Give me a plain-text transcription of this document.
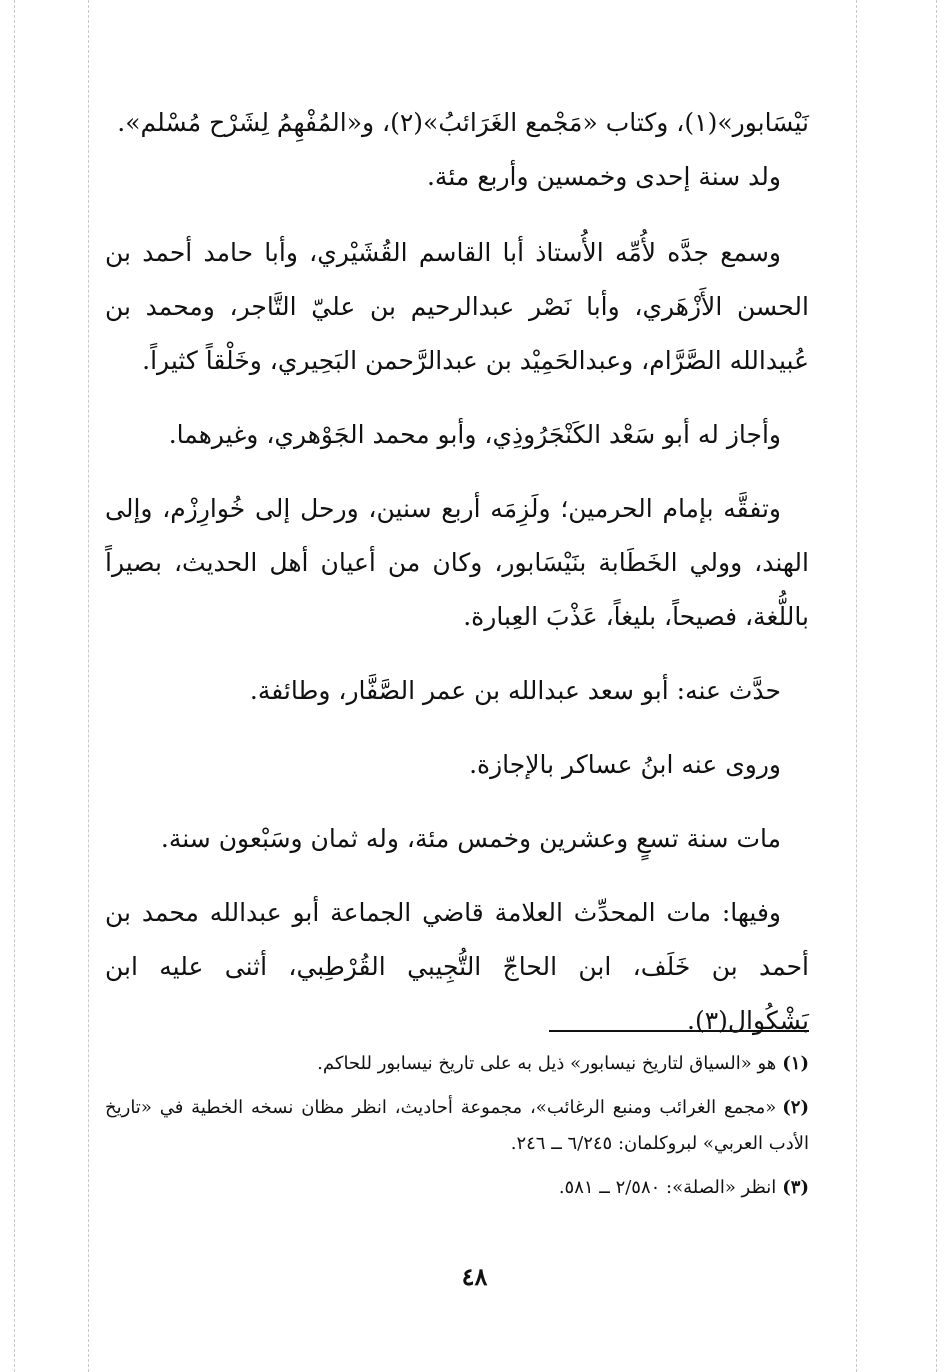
نَيْسَابور»(١)، وكتاب «مَجْمع الغَرَائبُ»(٢)، و«المُفْهِمُ لِشَرْح مُسْلم».

ولد سنة إحدى وخمسين وأربع مئة.

وسمع جدَّه لأُمِّه الأُستاذ أبا القاسم القُشَيْري، وأبا حامد أحمد بن الحسن الأَزْهَري، وأبا نَصْر عبدالرحيم بن عليّ التَّاجر، ومحمد بن عُبيدالله الصَّرَّام، وعبدالحَمِيْد بن عبدالرَّحمن البَحِيري، وخَلْقاً كثيراً.

وأجاز له أبو سَعْد الكَنْجَرُوذِي، وأبو محمد الجَوْهري، وغيرهما.

وتفقَّه بإمام الحرمين؛ ولَزِمَه أربع سنين، ورحل إلى خُوارِزْم، وإلى الهند، وولي الخَطَابة بنَيْسَابور، وكان من أعيان أهل الحديث، بصيراً باللُّغة، فصيحاً، بليغاً، عَذْبَ العِبارة.

حدَّث عنه: أبو سعد عبدالله بن عمر الصَّفَّار، وطائفة.

وروى عنه ابنُ عساكر بالإجازة.

مات سنة تسعٍ وعشرين وخمس مئة، وله ثمان وسَبْعون سنة.

وفيها: مات المحدِّث العلامة قاضي الجماعة أبو عبدالله محمد بن أحمد بن خَلَف، ابن الحاجّ التُّجِيبي القُرْطِبي، أثنى عليه ابن بَشْكُوال(٣).

(١)هو «السياق لتاريخ نيسابور» ذيل به على تاريخ نيسابور للحاكم.

(٢)«مجمع الغرائب ومنبع الرغائب»، مجموعة أحاديث، انظر مظان نسخه الخطية في «تاريخ الأدب العربي» لبروكلمان: ٦/٢٤٥ ــ ٢٤٦.

(٣)انظر «الصلة»: ٢/٥٨٠ ــ ٥٨١.

٤٨
